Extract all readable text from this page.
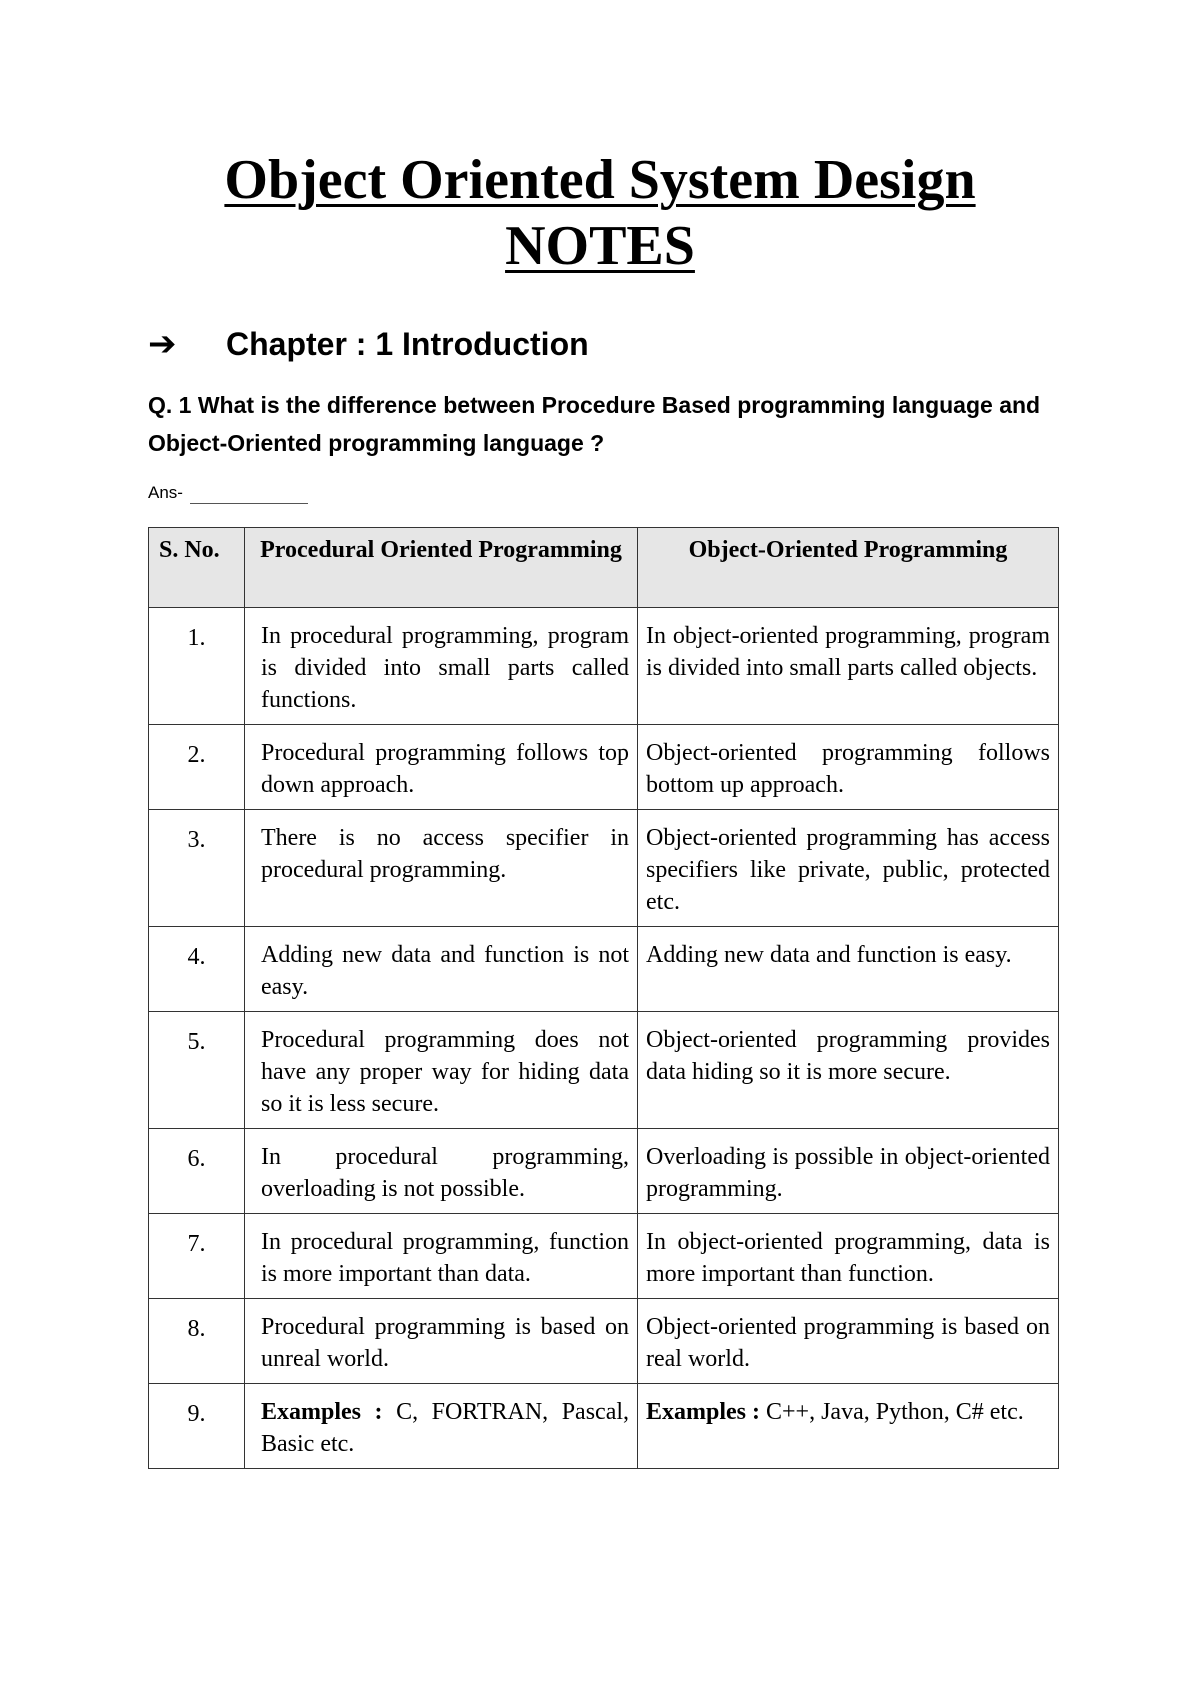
Object Oriented System Design
NOTES
➔	Chapter : 1 Introduction
Q. 1 What is the difference between Procedure Based programming language and Object-Oriented programming language ?
Ans-
S. No.	Procedural Oriented Programming	Object-Oriented Programming
1.	In procedural programming, program is divided into small parts called functions.	In object-oriented programming, program is divided into small parts called objects.
2.	Procedural programming follows top down approach.	Object-oriented programming follows bottom up approach.
3.	There is no access specifier in procedural programming.	Object-oriented programming has access specifiers like private, public, protected etc.
4.	Adding new data and function is not easy.	Adding new data and function is easy.
5.	Procedural programming does not have any proper way for hiding data so it is less secure.	Object-oriented programming provides data hiding so it is more secure.
6.	In procedural programming, overloading is not possible.	Overloading is possible in object-oriented programming.
7.	In procedural programming, function is more important than data.	In object-oriented programming, data is more important than function.
8.	Procedural programming is based on unreal world.	Object-oriented programming is based on real world.
9.	Examples : C, FORTRAN, Pascal, Basic etc.	Examples : C++, Java, Python, C# etc.
